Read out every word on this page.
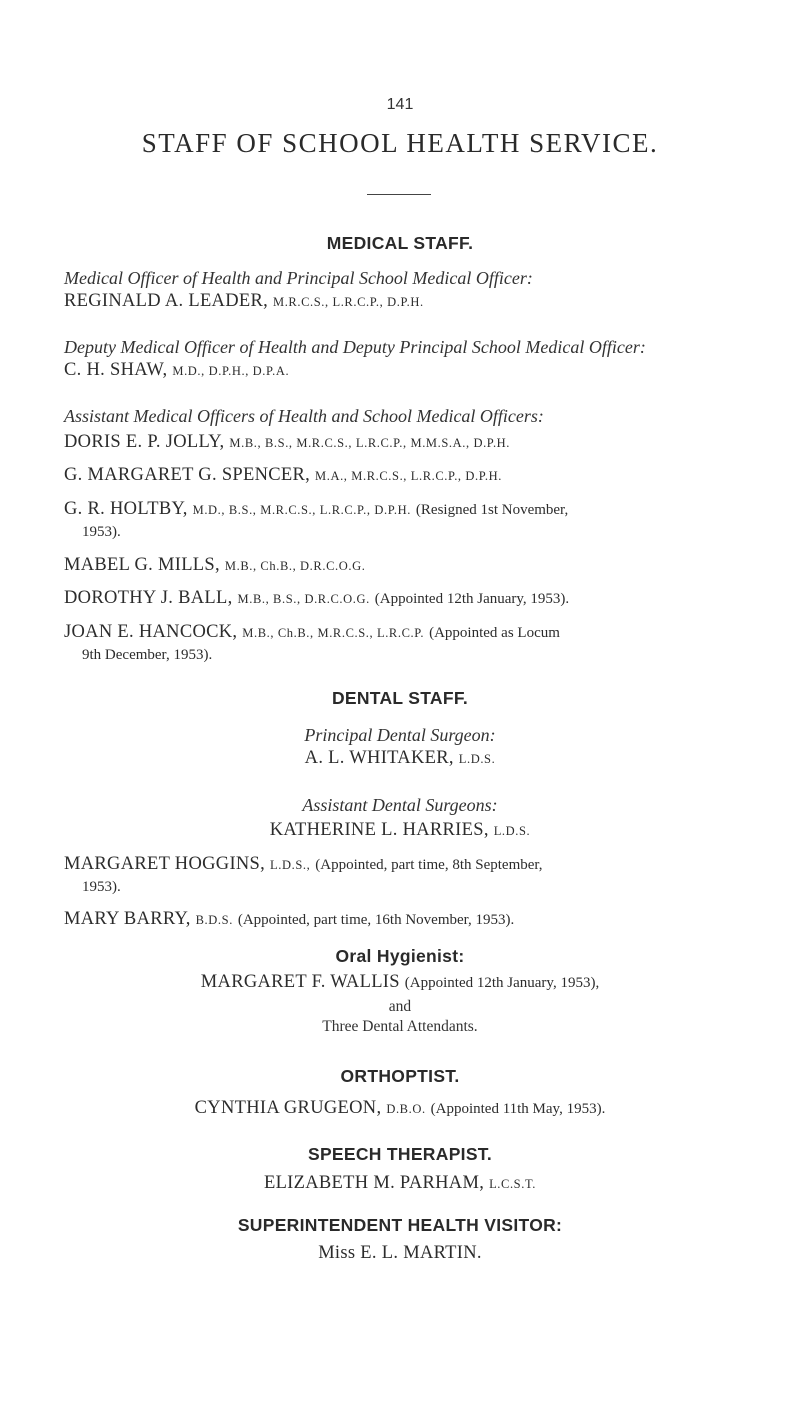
141
STAFF OF SCHOOL HEALTH SERVICE.
MEDICAL STAFF.
Medical Officer of Health and Principal School Medical Officer:
REGINALD A. LEADER, M.R.C.S., L.R.C.P., D.P.H.
Deputy Medical Officer of Health and Deputy Principal School Medical Officer:
C. H. SHAW, M.D., D.P.H., D.P.A.
Assistant Medical Officers of Health and School Medical Officers:
DORIS E. P. JOLLY, M.B., B.S., M.R.C.S., L.R.C.P., M.M.S.A., D.P.H.
G. MARGARET G. SPENCER, M.A., M.R.C.S., L.R.C.P., D.P.H.
G. R. HOLTBY, M.D., B.S., M.R.C.S., L.R.C.P., D.P.H. (Resigned 1st November,
1953).
MABEL G. MILLS, M.B., Ch.B., D.R.C.O.G.
DOROTHY J. BALL, M.B., B.S., D.R.C.O.G. (Appointed 12th January, 1953).
JOAN E. HANCOCK, M.B., Ch.B., M.R.C.S., L.R.C.P. (Appointed as Locum
9th December, 1953).
DENTAL STAFF.
Principal Dental Surgeon:
A. L. WHITAKER, L.D.S.
Assistant Dental Surgeons:
KATHERINE L. HARRIES, L.D.S.
MARGARET HOGGINS, L.D.S., (Appointed, part time, 8th September,
1953).
MARY BARRY, B.D.S. (Appointed, part time, 16th November, 1953).
Oral Hygienist:
MARGARET F. WALLIS (Appointed 12th January, 1953),
and
Three Dental Attendants.
ORTHOPTIST.
CYNTHIA GRUGEON, D.B.O. (Appointed 11th May, 1953).
SPEECH THERAPIST.
ELIZABETH M. PARHAM, L.C.S.T.
SUPERINTENDENT HEALTH VISITOR:
Miss E. L. MARTIN.
